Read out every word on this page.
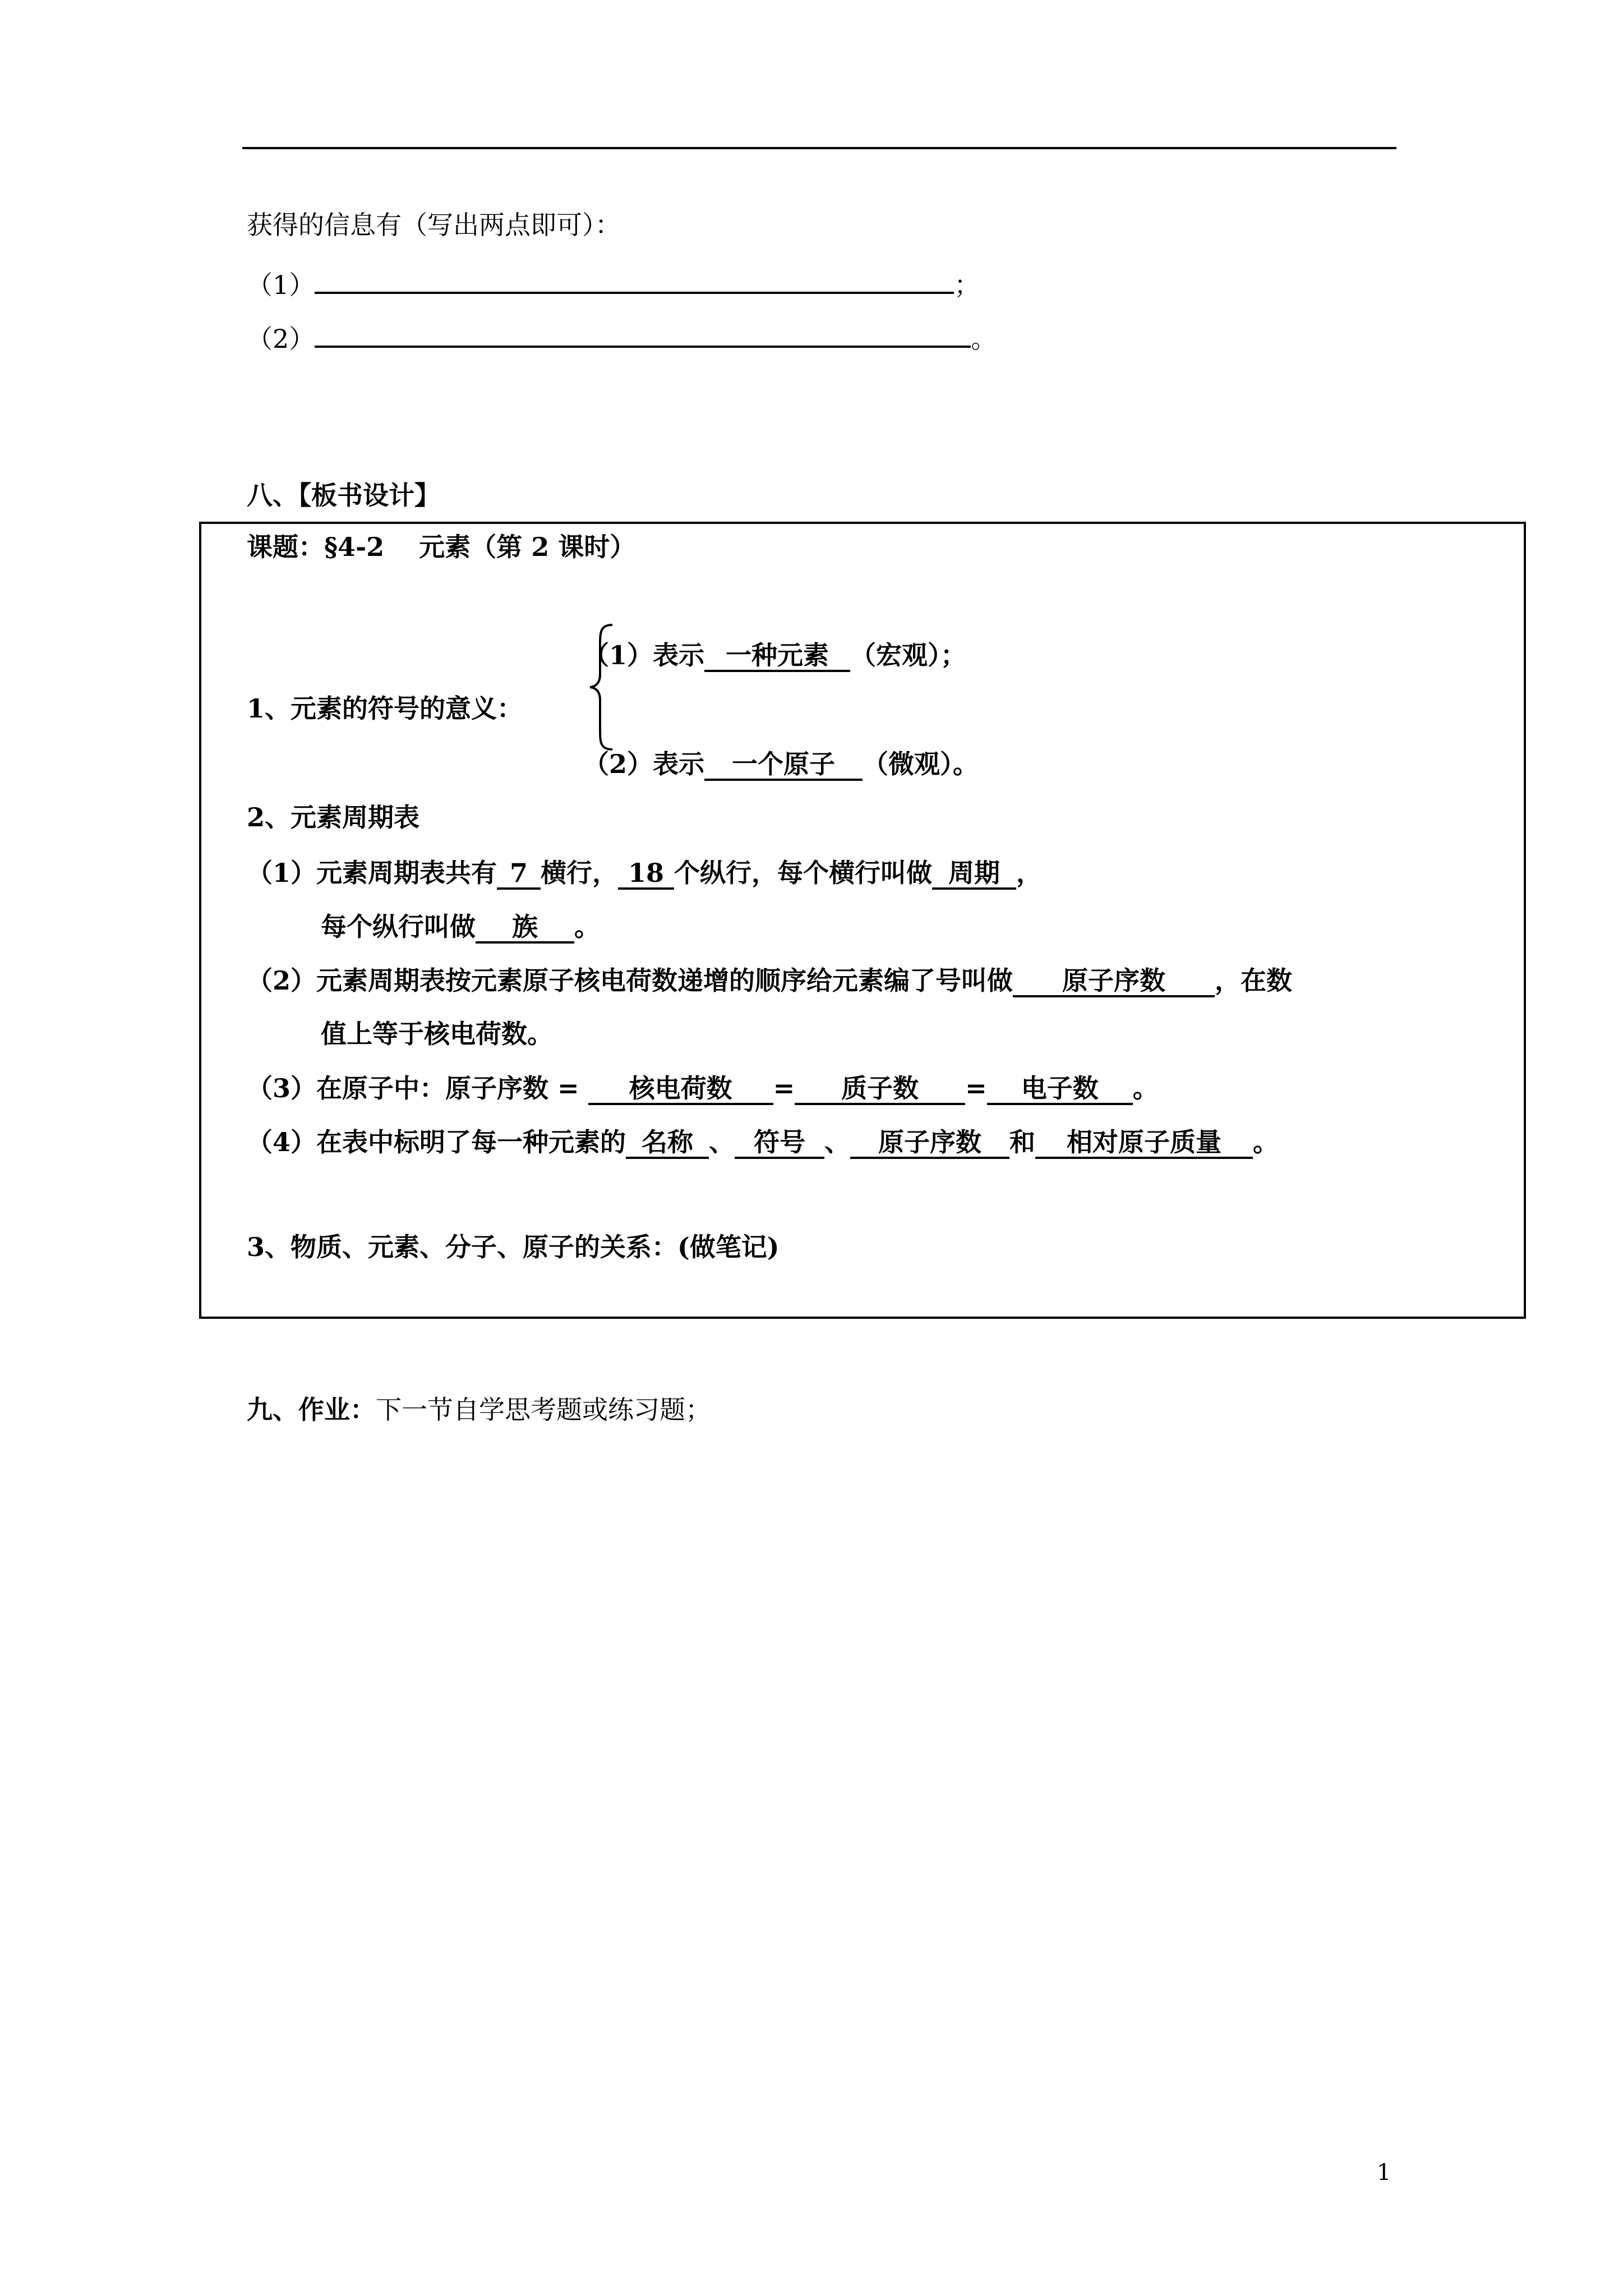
获得的信息有（写出两点即可）：
（1）	；
（2）	。
八、【板书设计】
课题：§4-2　 元素（第 2 课时）
（1）表示 一种元素 （宏观）；
1、元素的符号的意义：
（2）表示 一个原子 （微观）。
2、元素周期表
（1）元素周期表共有 7 横行， 18 个纵行，每个横行叫做 周期 ，
每个纵行叫做 族 。
（2）元素周期表按元素原子核电荷数递增的顺序给元素编了号叫做 原子序数 ，在数
值上等于核电荷数。
（3）在原子中：原子序数 = 核电荷数 = 质子数 = 电子数 。
（4）在表中标明了每一种元素的 名称 、 符号 、 原子序数 和 相对原子质量 。
3、物质、元素、分子、原子的关系：(做笔记)
九、作业：下一节自学思考题或练习题；
1
